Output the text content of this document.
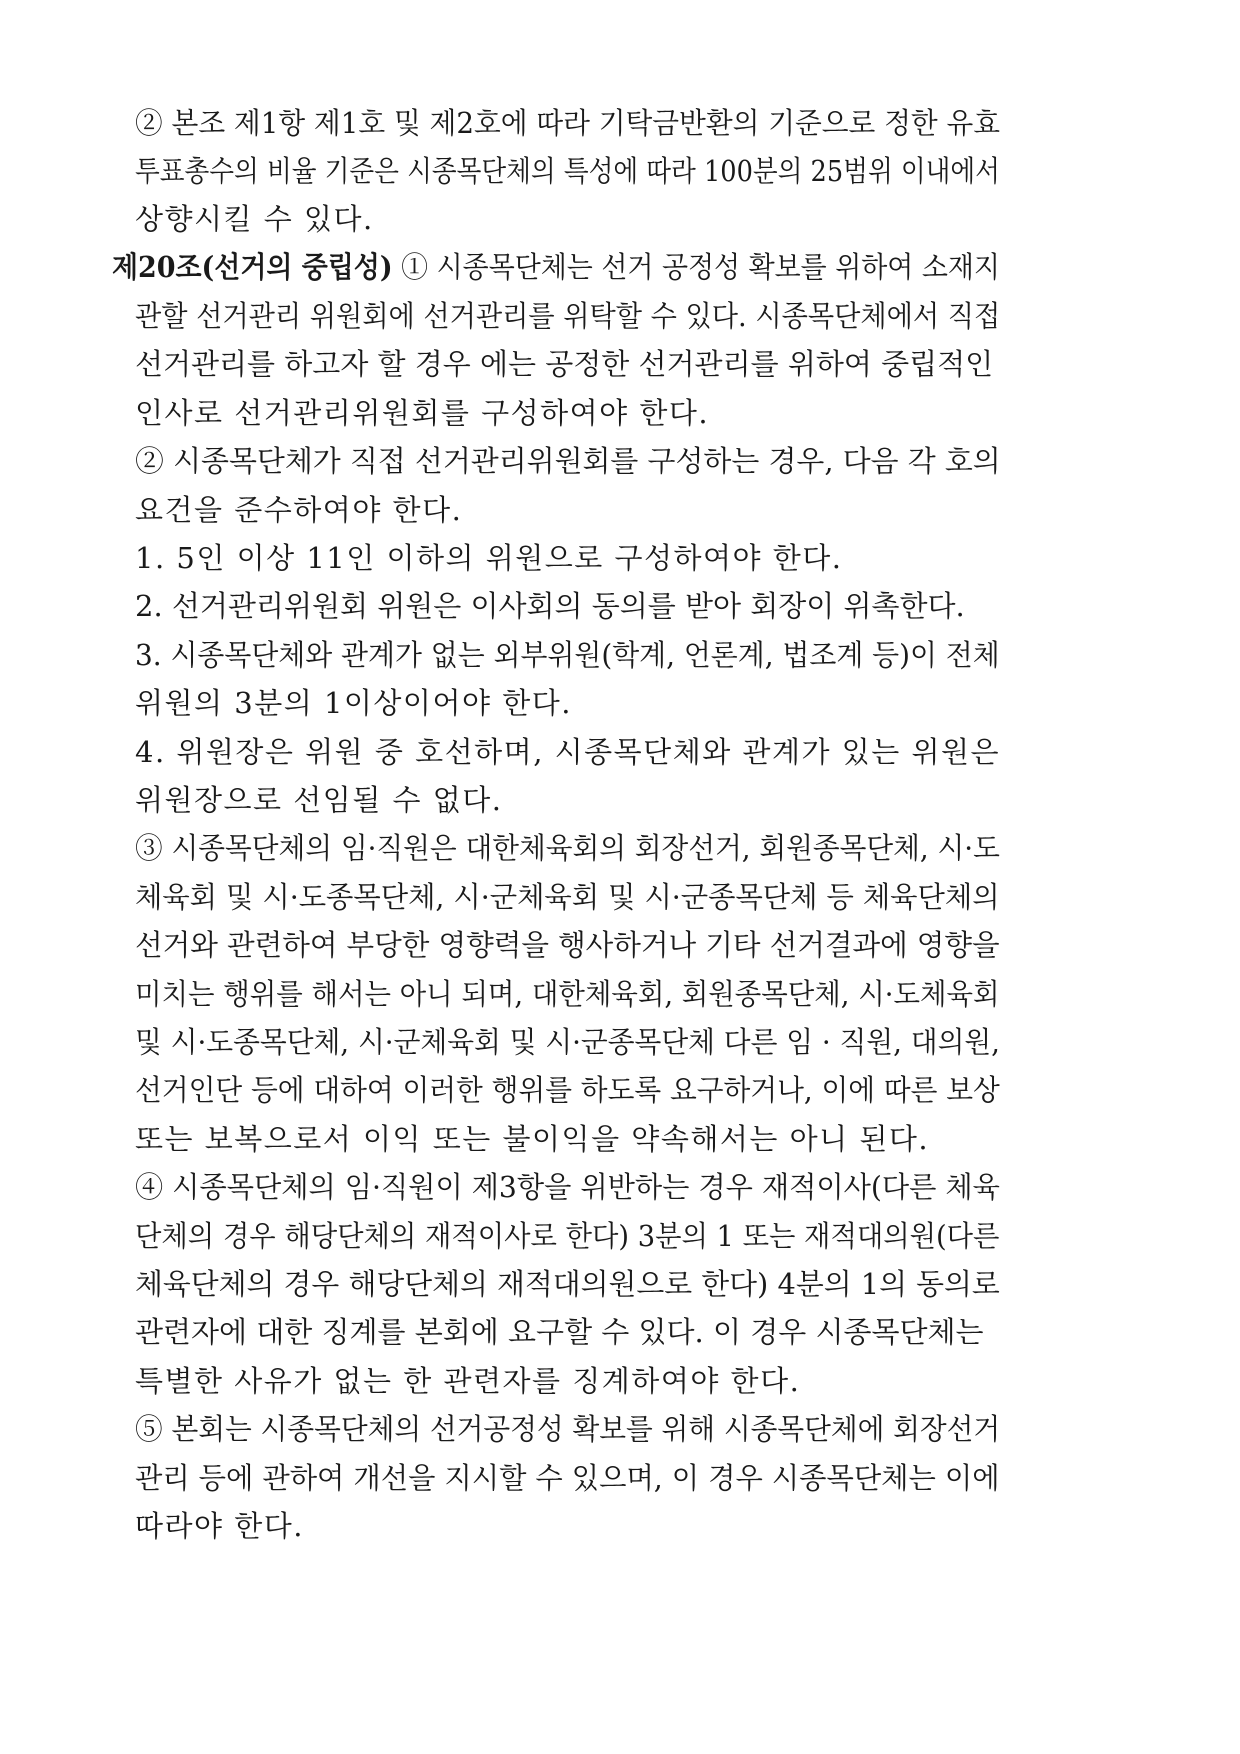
② 본조 제1항 제1호 및 제2호에 따라 기탁금반환의 기준으로 정한 유효
투표총수의 비율 기준은 시종목단체의 특성에 따라 100분의 25범위 이내에서
상향시킬 수 있다.
제20조(선거의 중립성) ① 시종목단체는 선거 공정성 확보를 위하여 소재지
관할 선거관리 위원회에 선거관리를 위탁할 수 있다. 시종목단체에서 직접
선거관리를 하고자 할 경우 에는 공정한 선거관리를 위하여 중립적인
인사로 선거관리위원회를 구성하여야 한다.
② 시종목단체가 직접 선거관리위원회를 구성하는 경우, 다음 각 호의
요건을 준수하여야 한다.
1. 5인 이상 11인 이하의 위원으로 구성하여야 한다.
2. 선거관리위원회 위원은 이사회의 동의를 받아 회장이 위촉한다.
3. 시종목단체와 관계가 없는 외부위원(학계, 언론계, 법조계 등)이 전체
위원의 3분의 1이상이어야 한다.
4. 위원장은 위원 중 호선하며, 시종목단체와 관계가 있는 위원은
위원장으로 선임될 수 없다.
③ 시종목단체의 임·직원은 대한체육회의 회장선거, 회원종목단체, 시·도
체육회 및 시·도종목단체, 시·군체육회 및 시·군종목단체 등 체육단체의
선거와 관련하여 부당한 영향력을 행사하거나 기타 선거결과에 영향을
미치는 행위를 해서는 아니 되며, 대한체육회, 회원종목단체, 시·도체육회
및 시·도종목단체, 시·군체육회 및 시·군종목단체 다른 임 · 직원, 대의원,
선거인단 등에 대하여 이러한 행위를 하도록 요구하거나, 이에 따른 보상
또는 보복으로서 이익 또는 불이익을 약속해서는 아니 된다.
④ 시종목단체의 임·직원이 제3항을 위반하는 경우 재적이사(다른 체육
단체의 경우 해당단체의 재적이사로 한다) 3분의 1 또는 재적대의원(다른
체육단체의 경우 해당단체의 재적대의원으로 한다) 4분의 1의 동의로
관련자에 대한 징계를 본회에 요구할 수 있다. 이 경우 시종목단체는
특별한 사유가 없는 한 관련자를 징계하여야 한다.
⑤ 본회는 시종목단체의 선거공정성 확보를 위해 시종목단체에 회장선거
관리 등에 관하여 개선을 지시할 수 있으며, 이 경우 시종목단체는 이에
따라야 한다.
